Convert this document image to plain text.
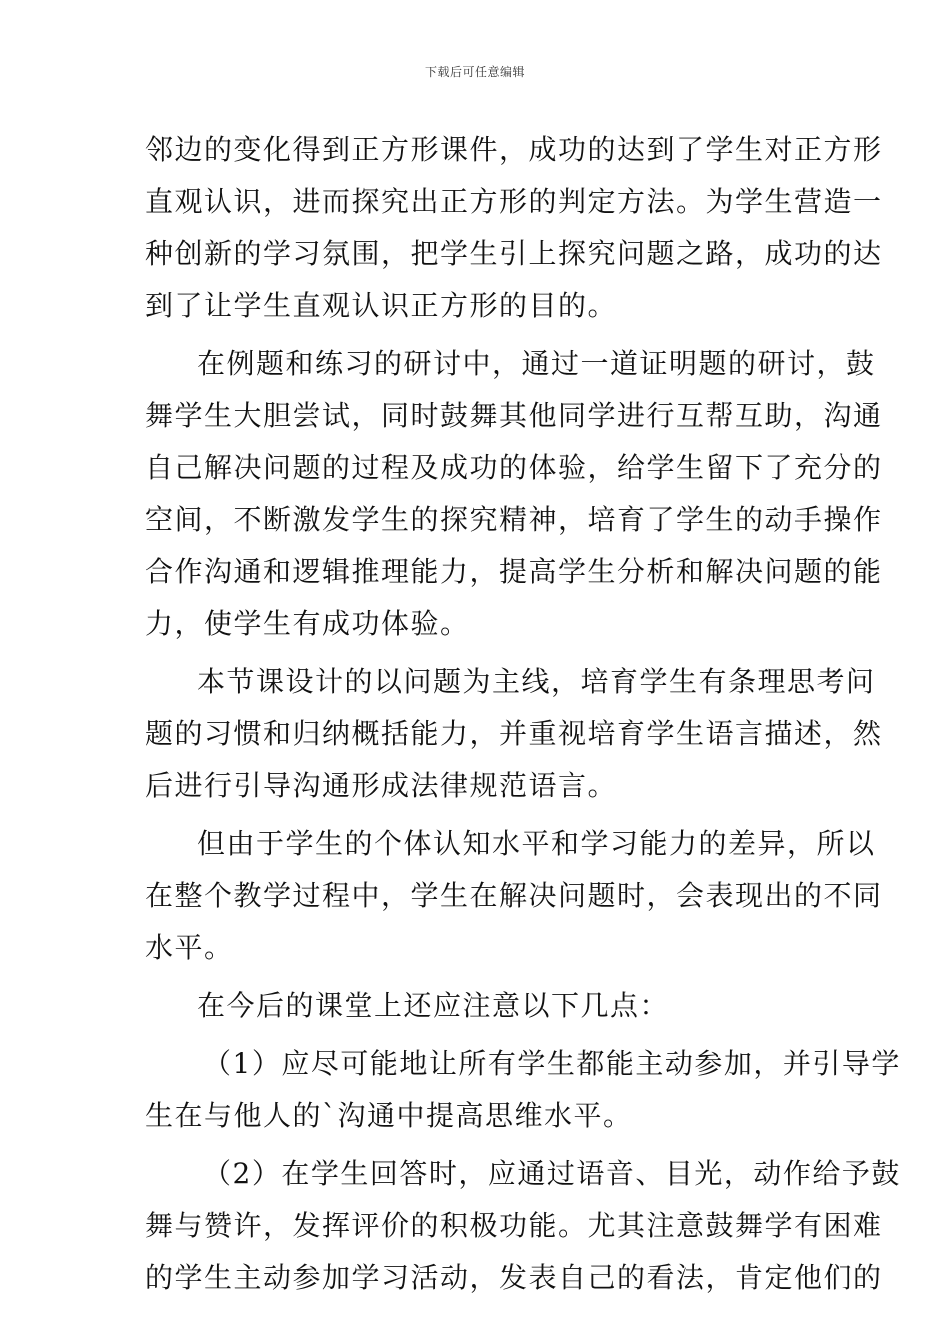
下载后可任意编辑
邻边的变化得到正方形课件，成功的达到了学生对正方形
直观认识，进而探究出正方形的判定方法。为学生营造一
种创新的学习氛围，把学生引上探究问题之路，成功的达
到了让学生直观认识正方形的目的。
在例题和练习的研讨中，通过一道证明题的研讨，鼓
舞学生大胆尝试，同时鼓舞其他同学进行互帮互助，沟通
自己解决问题的过程及成功的体验，给学生留下了充分的
空间，不断激发学生的探究精神，培育了学生的动手操作
合作沟通和逻辑推理能力，提高学生分析和解决问题的能
力，使学生有成功体验。
本节课设计的以问题为主线，培育学生有条理思考问
题的习惯和归纳概括能力，并重视培育学生语言描述，然
后进行引导沟通形成法律规范语言。
但由于学生的个体认知水平和学习能力的差异，所以
在整个教学过程中，学生在解决问题时，会表现出的不同
水平。
在今后的课堂上还应注意以下几点：
（1）应尽可能地让所有学生都能主动参加，并引导学
生在与他人的`沟通中提高思维水平。
（2）在学生回答时，应通过语音、目光，动作给予鼓
舞与赞许，发挥评价的积极功能。尤其注意鼓舞学有困难
的学生主动参加学习活动，发表自己的看法，肯定他们的
